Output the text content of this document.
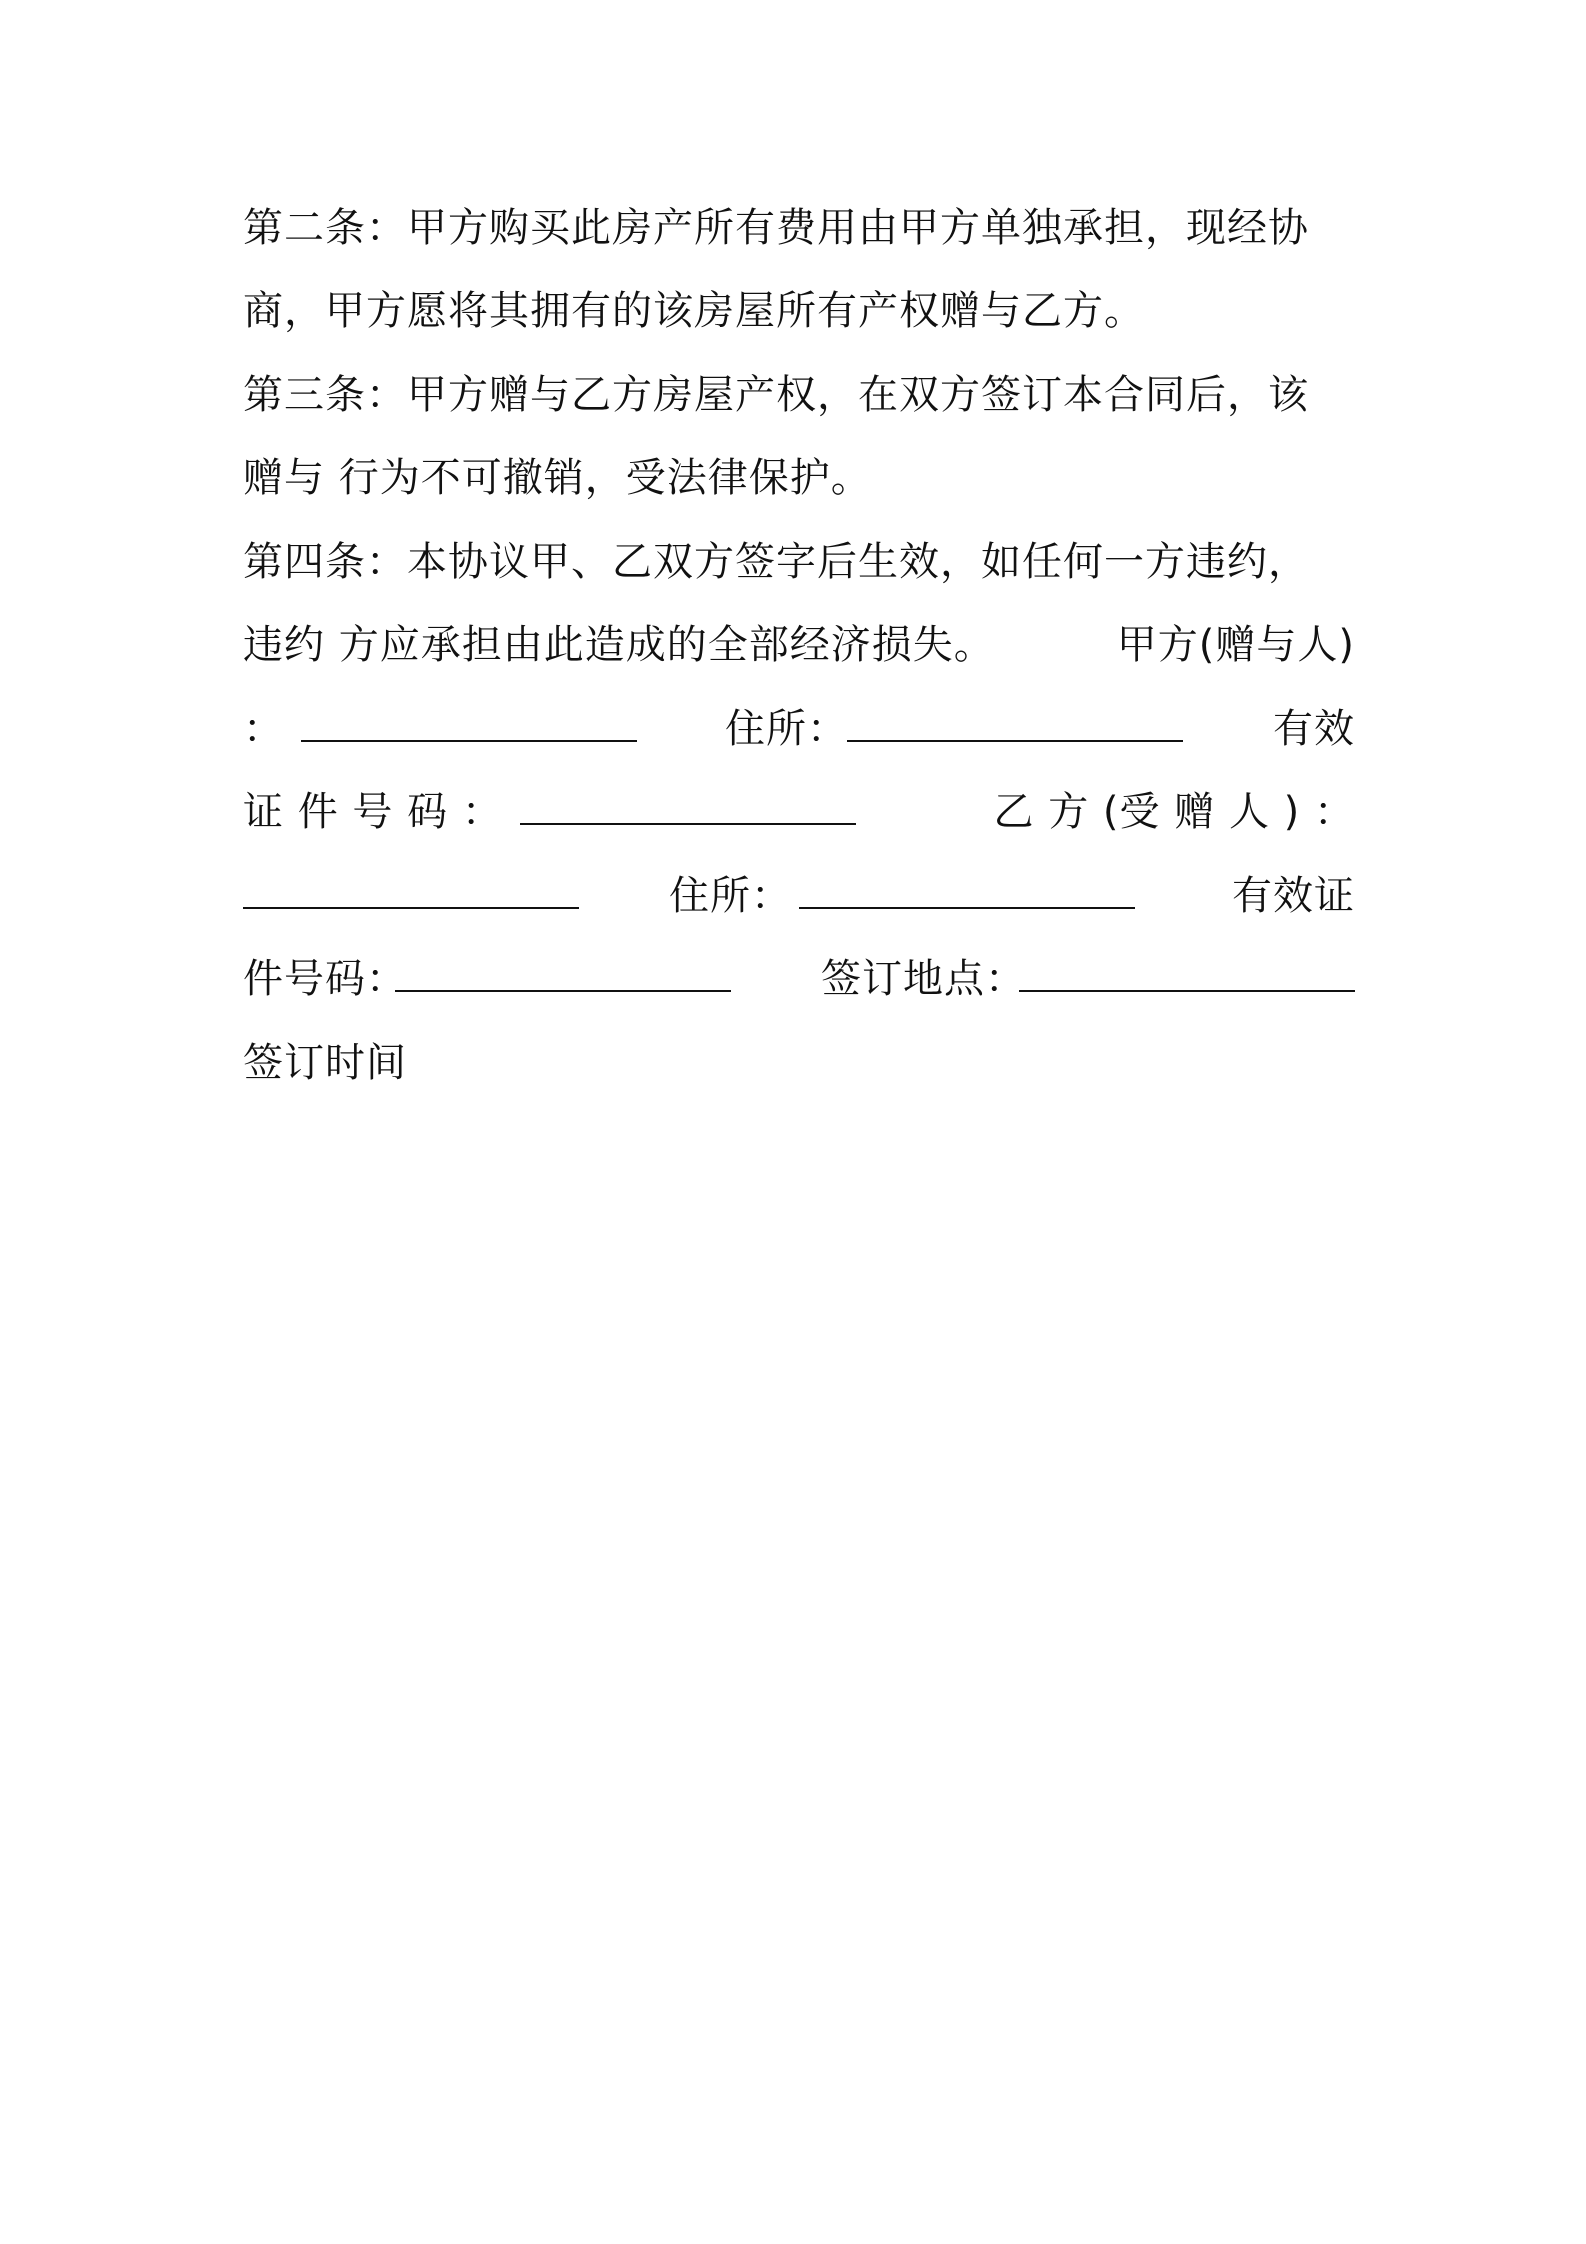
第二条：甲方购买此房产所有费用由甲方单独承担，现经协
商，甲方愿将其拥有的该房屋所有产权赠与乙方。
第三条：甲方赠与乙方房屋产权，在双方签订本合同后，该
赠与 行为不可撤销，受法律保护。
第四条：本协议甲、乙双方签字后生效，如任何一方违约，
违约 方应承担由此造成的全部经济损失。	甲方(赠与人)
：	住所：	有效
证 件 号 码 ：	乙 方 (受 赠 人 ) ：
住所：	有效证
件号码：	签订地点：
签订时间
